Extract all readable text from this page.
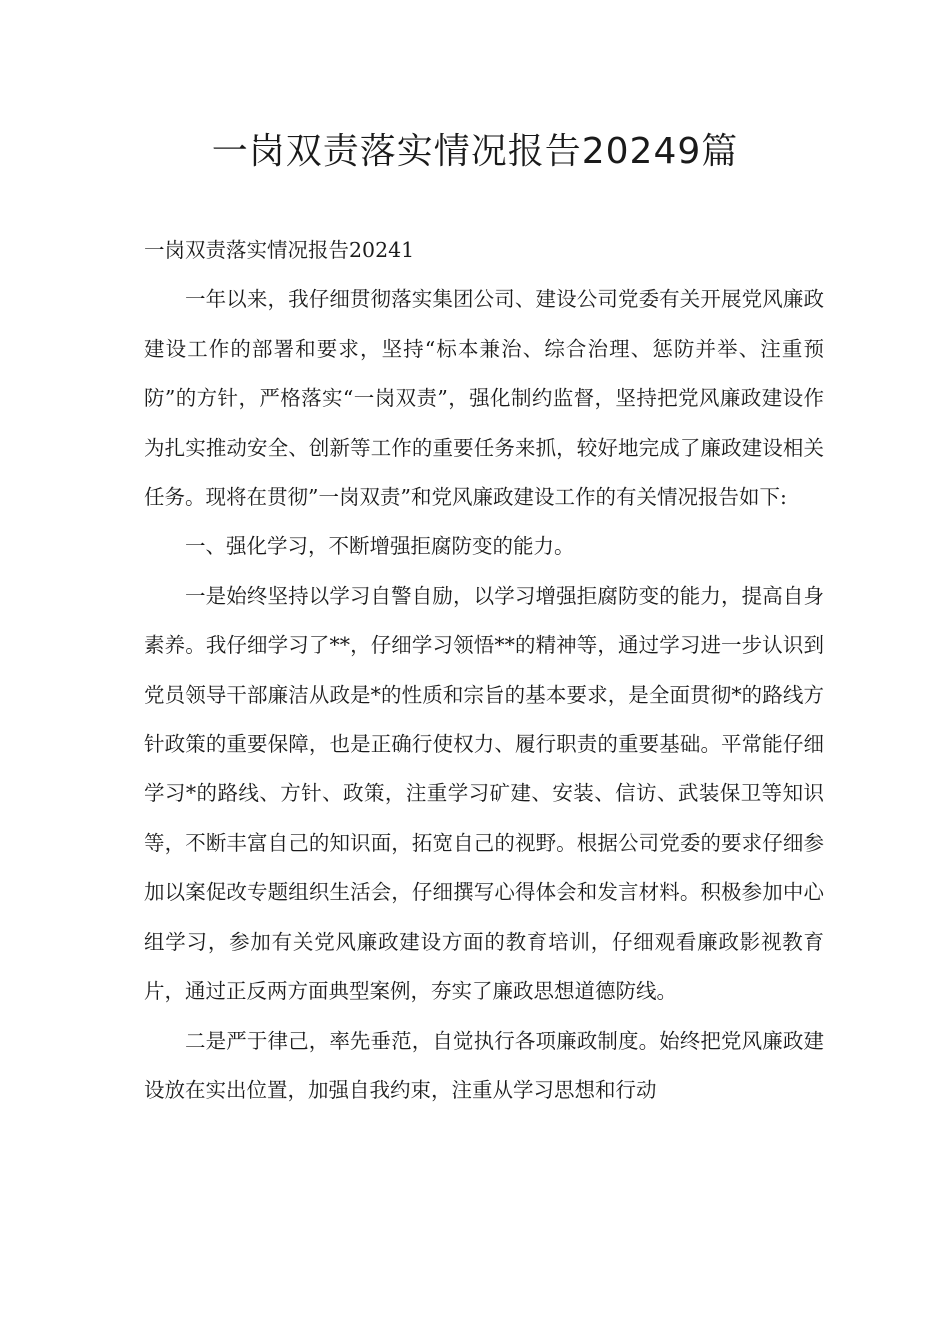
一岗双责落实情况报告20249篇

一岗双责落实情况报告20241

一年以来，我仔细贯彻落实集团公司、建设公司党委有关开展党风廉政建设工作的部署和要求，坚持“标本兼治、综合治理、惩防并举、注重预防”的方针，严格落实“一岗双责”，强化制约监督，坚持把党风廉政建设作为扎实推动安全、创新等工作的重要任务来抓，较好地完成了廉政建设相关任务。现将在贯彻”一岗双责”和党风廉政建设工作的有关情况报告如下:

一、强化学习，不断增强拒腐防变的能力。

一是始终坚持以学习自警自励，以学习增强拒腐防变的能力，提高自身素养。我仔细学习了**，仔细学习领悟**的精神等，通过学习进一步认识到党员领导干部廉洁从政是*的性质和宗旨的基本要求，是全面贯彻*的路线方针政策的重要保障，也是正确行使权力、履行职责的重要基础。平常能仔细学习*的路线、方针、政策，注重学习矿建、安装、信访、武装保卫等知识等，不断丰富自己的知识面，拓宽自己的视野。根据公司党委的要求仔细参加以案促改专题组织生活会，仔细撰写心得体会和发言材料。积极参加中心组学习，参加有关党风廉政建设方面的教育培训，仔细观看廉政影视教育片，通过正反两方面典型案例，夯实了廉政思想道德防线。

二是严于律己，率先垂范，自觉执行各项廉政制度。始终把党风廉政建设放在实出位置，加强自我约束，注重从学习思想和行动
